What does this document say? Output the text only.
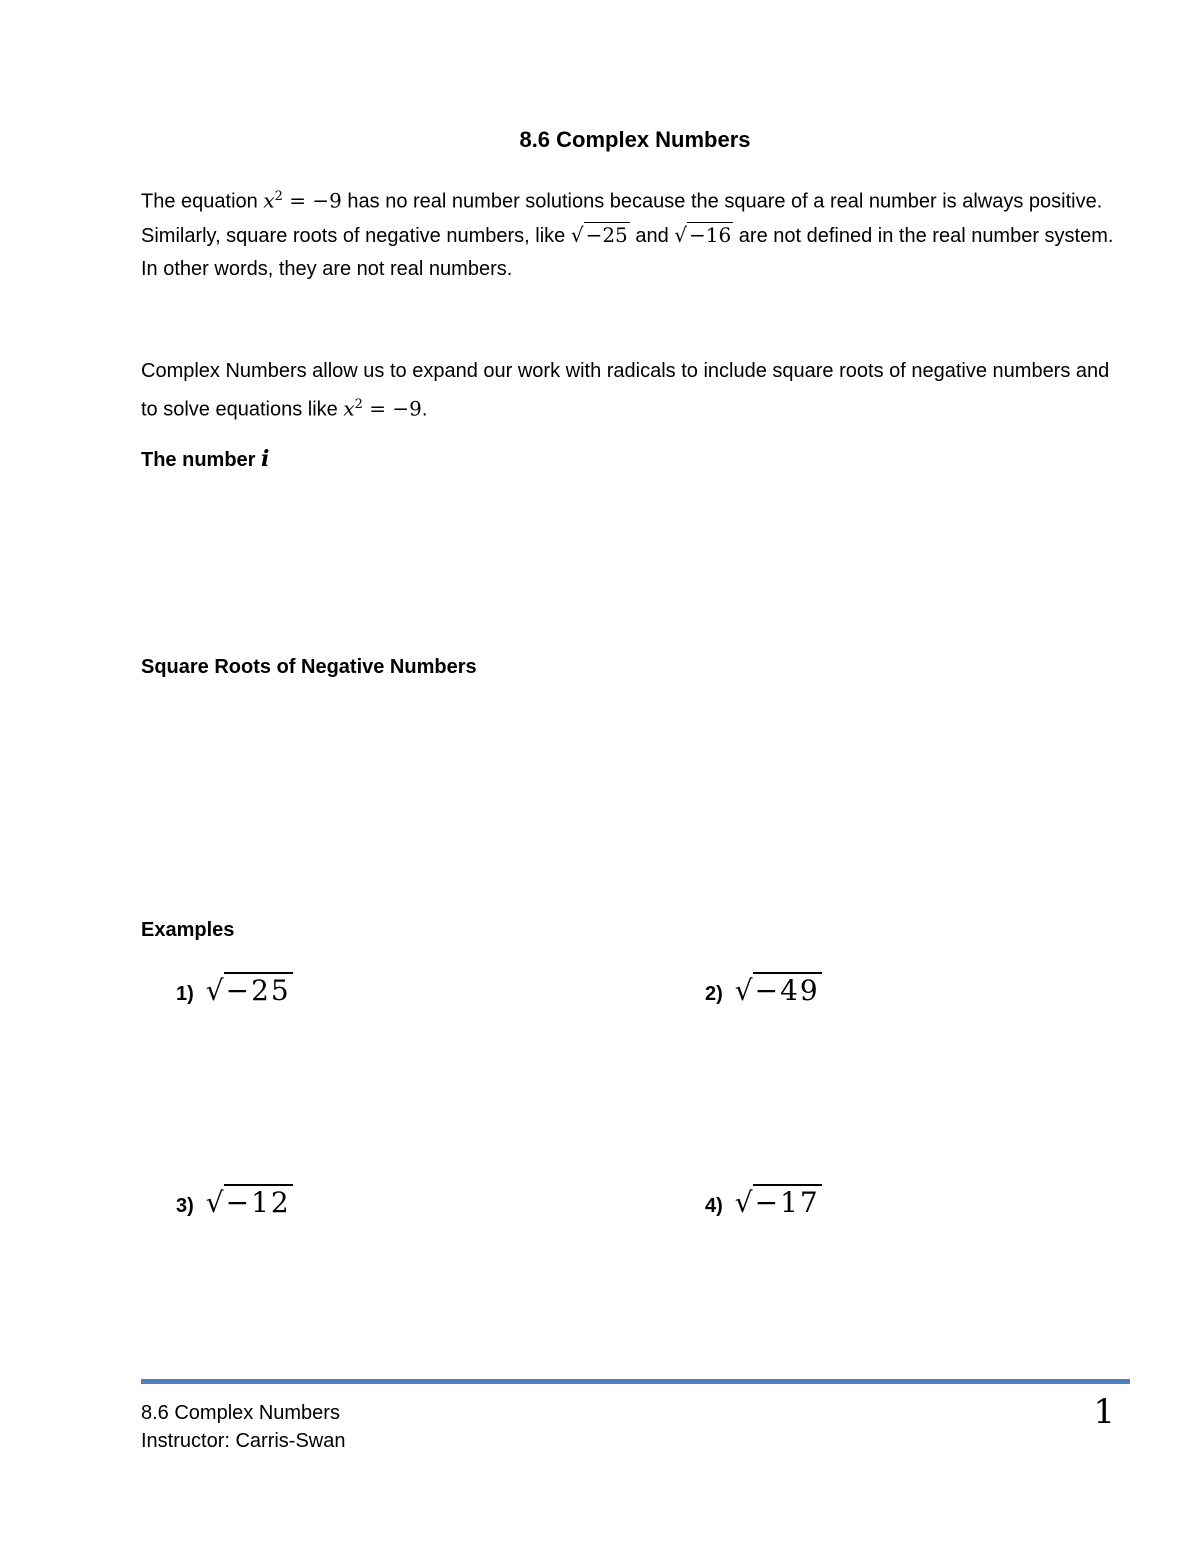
8.6 Complex Numbers
The equation $x^2 = -9$ has no real number solutions because the square of a real number is always positive. Similarly, square roots of negative numbers, like √ −25 and √ −16 are not defined in the real number system. In other words, they are not real numbers.
Complex Numbers allow us to expand our work with radicals to include square roots of negative numbers and to solve equations like $x^2 = -9$.
The number i
Square Roots of Negative Numbers
Examples
1) √−25	2) √−49
3) √−12	4) √−17
8.6 Complex Numbers
Instructor: Carris-Swan
1
